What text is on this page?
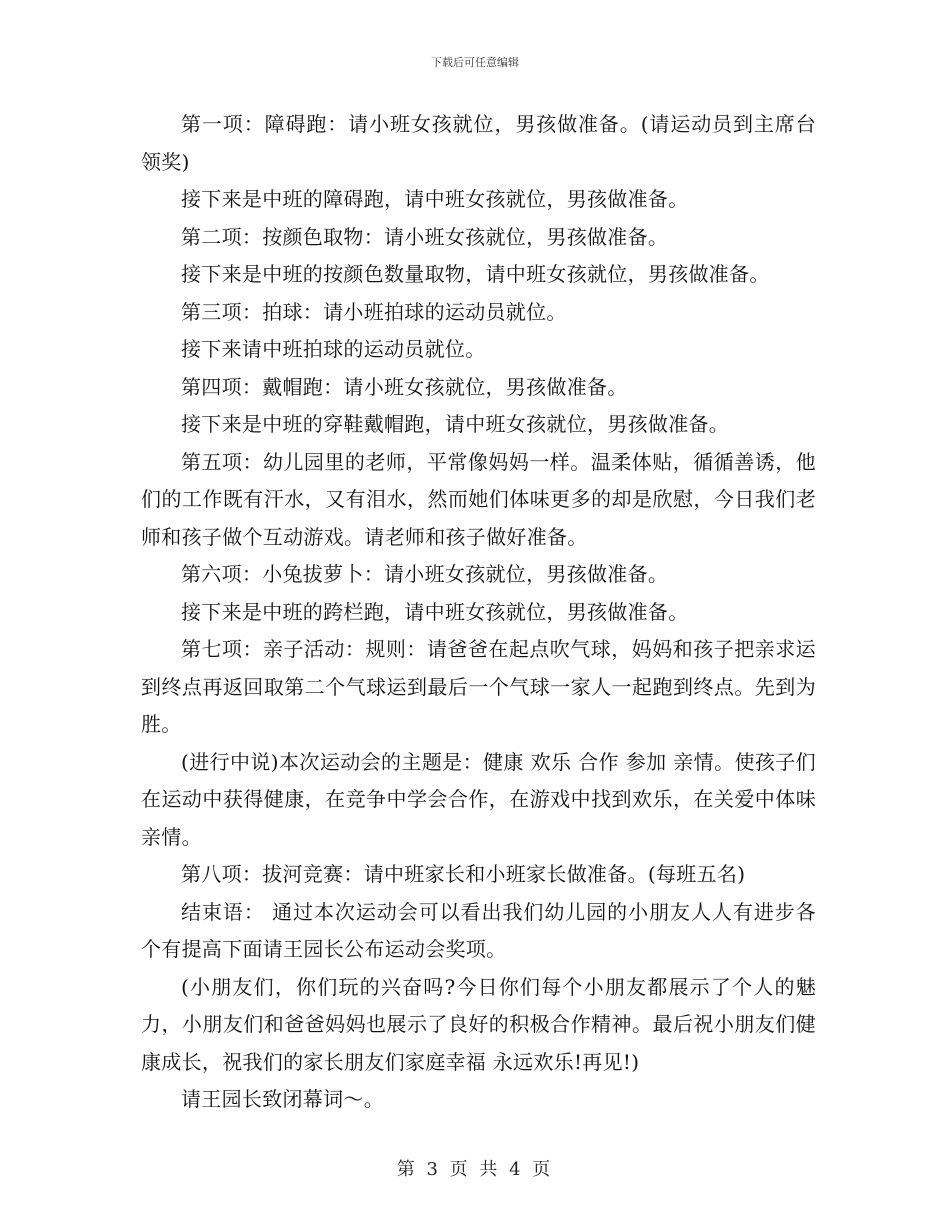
下载后可任意编辑

第一项：障碍跑：请小班女孩就位，男孩做准备。(请运动员到主席台领奖)

接下来是中班的障碍跑，请中班女孩就位，男孩做准备。

第二项：按颜色取物：请小班女孩就位，男孩做准备。

接下来是中班的按颜色数量取物，请中班女孩就位，男孩做准备。

第三项：拍球：请小班拍球的运动员就位。

接下来请中班拍球的运动员就位。

第四项：戴帽跑：请小班女孩就位，男孩做准备。

接下来是中班的穿鞋戴帽跑，请中班女孩就位，男孩做准备。

第五项：幼儿园里的老师，平常像妈妈一样。温柔体贴，循循善诱，他们的工作既有汗水，又有泪水，然而她们体味更多的却是欣慰，今日我们老师和孩子做个互动游戏。请老师和孩子做好准备。

第六项：小兔拔萝卜：请小班女孩就位，男孩做准备。

接下来是中班的跨栏跑，请中班女孩就位，男孩做准备。

第七项：亲子活动：规则：请爸爸在起点吹气球，妈妈和孩子把亲求运到终点再返回取第二个气球运到最后一个气球一家人一起跑到终点。先到为胜。

(进行中说)本次运动会的主题是：健康 欢乐 合作 参加 亲情。使孩子们在运动中获得健康，在竞争中学会合作，在游戏中找到欢乐，在关爱中体味亲情。

第八项：拔河竞赛：请中班家长和小班家长做准备。(每班五名)

结束语： 通过本次运动会可以看出我们幼儿园的小朋友人人有进步各个有提高下面请王园长公布运动会奖项。

(小朋友们，你们玩的兴奋吗?今日你们每个小朋友都展示了个人的魅力，小朋友们和爸爸妈妈也展示了良好的积极合作精神。最后祝小朋友们健康成长，祝我们的家长朋友们家庭幸福 永远欢乐!再见!)

请王园长致闭幕词～。

第 3 页 共 4 页
